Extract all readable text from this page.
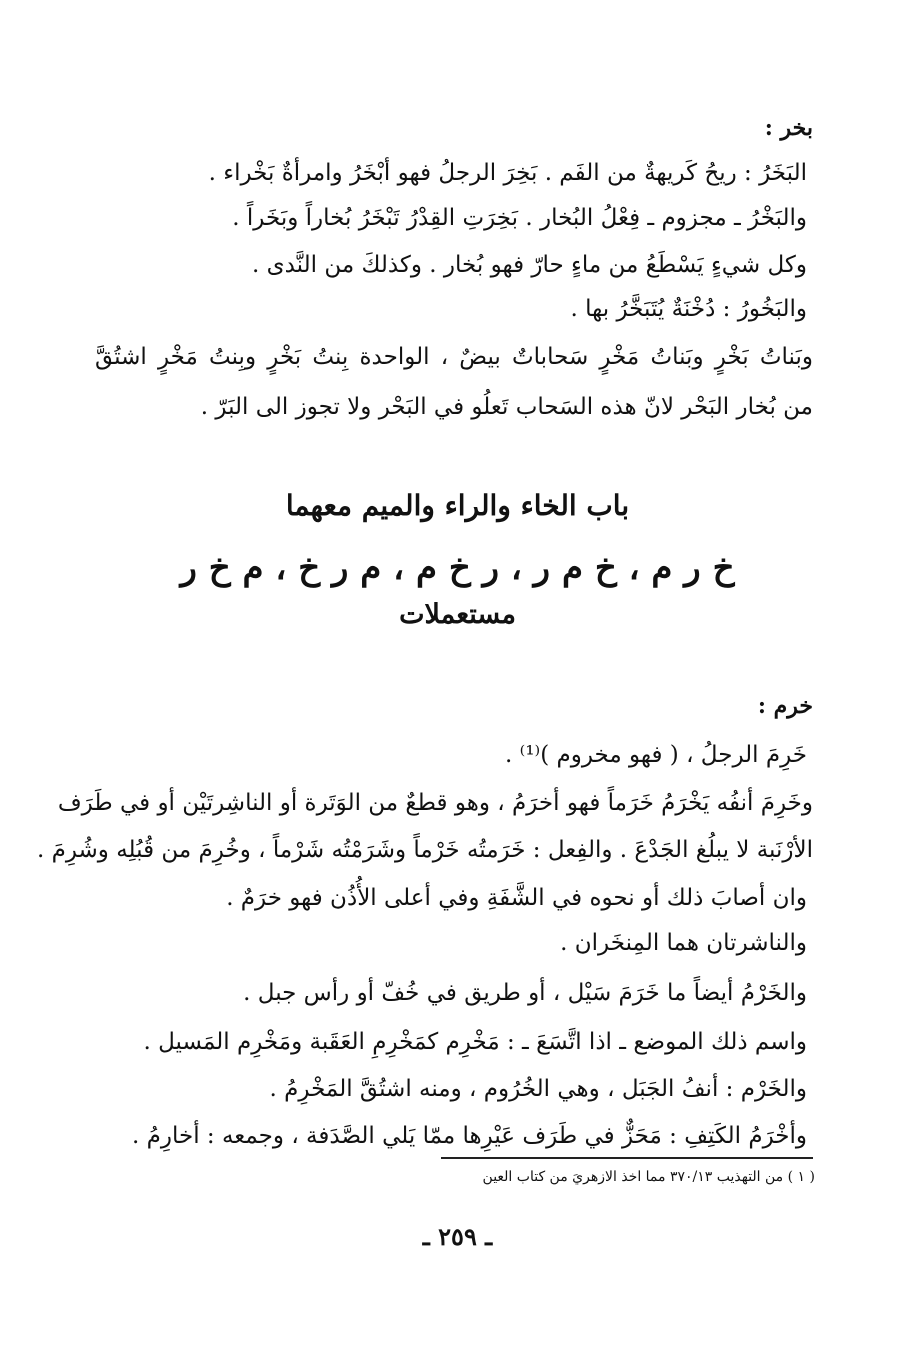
بخر :
البَخَرُ : ريحُ كَريهةٌ من الفَم . بَخِرَ الرجلُ فهو أبْخَرُ وامرأةٌ بَخْراء .
والبَخْرُ ـ مجزوم ـ فِعْلُ البُخار . بَخِرَتِ القِدْرُ تَبْخَرُ بُخاراً وبَخَراً .
وكل شيءٍ يَسْطَعُ من ماءٍ حارّ فهو بُخار . وكذلكَ من النَّدى .
والبَخُورُ : دُخْنَةٌ يُتَبَخَّرُ بها .
وبَناتُ بَخْرٍ وبَناتُ مَخْرٍ سَحاباتٌ بيضٌ ، الواحدة بِنتُ بَخْرٍ وبِنتُ مَخْرٍ اشتُقَّ
من بُخار البَحْر لانّ هذه السَحاب تَعلُو في البَحْر ولا تجوز الى البَرّ .
باب الخاء والراء والميم معهما
خ ر م ، خ م ر ، ر خ م ، م ر خ ، م خ ر
مستعملات
خرم :
خَرِمَ الرجلُ ، ( فهو مخروم )⁽¹⁾ .
وخَرِمَ أنفُه يَخْرَمُ خَرَماً فهو أخرَمُ ، وهو قطعٌ من الوَتَرة أو الناشِرتَيْن أو في طَرَف
الأرْنَبة لا يبلُغ الجَدْعَ . والفِعل : خَرَمتُه خَرْماً وشَرَمْتُه شَرْماً ، وخُرِمَ من قُبُلِه وشُرِمَ .
وان أصابَ ذلك أو نحوه في الشَّفَةِ وفي أعلى الأُذُن فهو خرَمٌ .
والناشرتان هما المِنخَران .
والخَرْمُ أيضاً ما خَرَمَ سَيْل ، أو طريق في خُفّ أو رأس جبل .
واسم ذلك الموضع ـ اذا اتَّسَعَ ـ : مَخْرِم كمَخْرِمِ العَقَبة ومَخْرِم المَسيل .
والخَرْم : أنفُ الجَبَل ، وهي الخُرُوم ، ومنه اشتُقَّ المَخْرِمُ .
وأخْرَمُ الكَتِفِ : مَحَزٌّ في طَرَف عَيْرِها ممّا يَلي الصَّدَفة ، وجمعه : أخارِمُ .
( ١ ) من التهذيب ٣٧٠/١٣ مما اخذ الازهريَ من كتاب العين
ـ ٢٥٩ ـ
